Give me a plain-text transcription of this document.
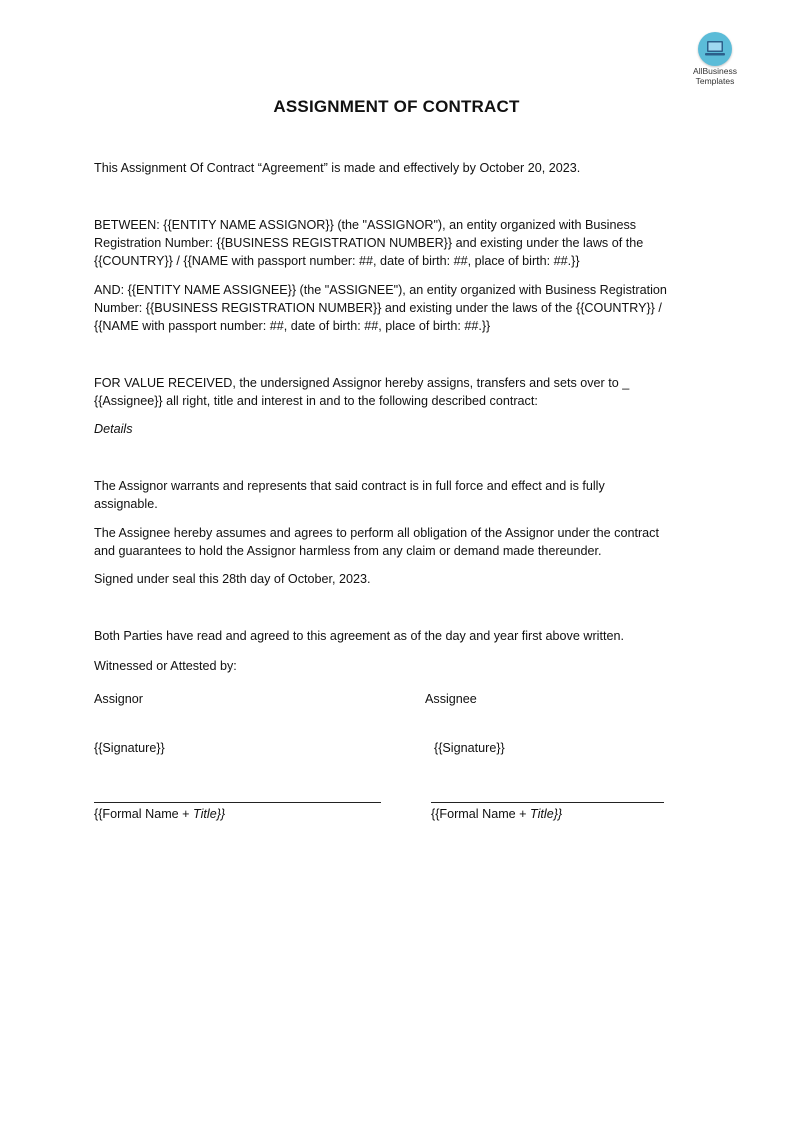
AllBusiness
Templates
ASSIGNMENT OF CONTRACT
This Assignment Of Contract “Agreement” is made and effectively by October 20, 2023.
BETWEEN: {{ENTITY NAME ASSIGNOR}} (the "ASSIGNOR"), an entity organized with Business
Registration Number: {{BUSINESS REGISTRATION NUMBER}} and existing under the laws of the
{{COUNTRY}} / {{NAME with passport number: ##, date of birth: ##, place of birth: ##.}}
AND: {{ENTITY NAME ASSIGNEE}} (the "ASSIGNEE"), an entity organized with Business Registration
Number: {{BUSINESS REGISTRATION NUMBER}} and existing under the laws of the {{COUNTRY}} /
{{NAME with passport number: ##, date of birth: ##, place of birth: ##.}}
FOR VALUE RECEIVED, the undersigned Assignor hereby assigns, transfers and sets over to _
{{Assignee}} all right, title and interest in and to the following described contract:
Details
The Assignor warrants and represents that said contract is in full force and effect and is fully
assignable.
The Assignee hereby assumes and agrees to perform all obligation of the Assignor under the contract
and guarantees to hold the Assignor harmless from any claim or demand made thereunder.
Signed under seal this 28th day of October, 2023.
Both Parties have read and agreed to this agreement as of the day and year first above written.
Witnessed or Attested by:
Assignor	Assignee
{{Signature}}	{{Signature}}
{{Formal Name + Title}}	{{Formal Name + Title}}
